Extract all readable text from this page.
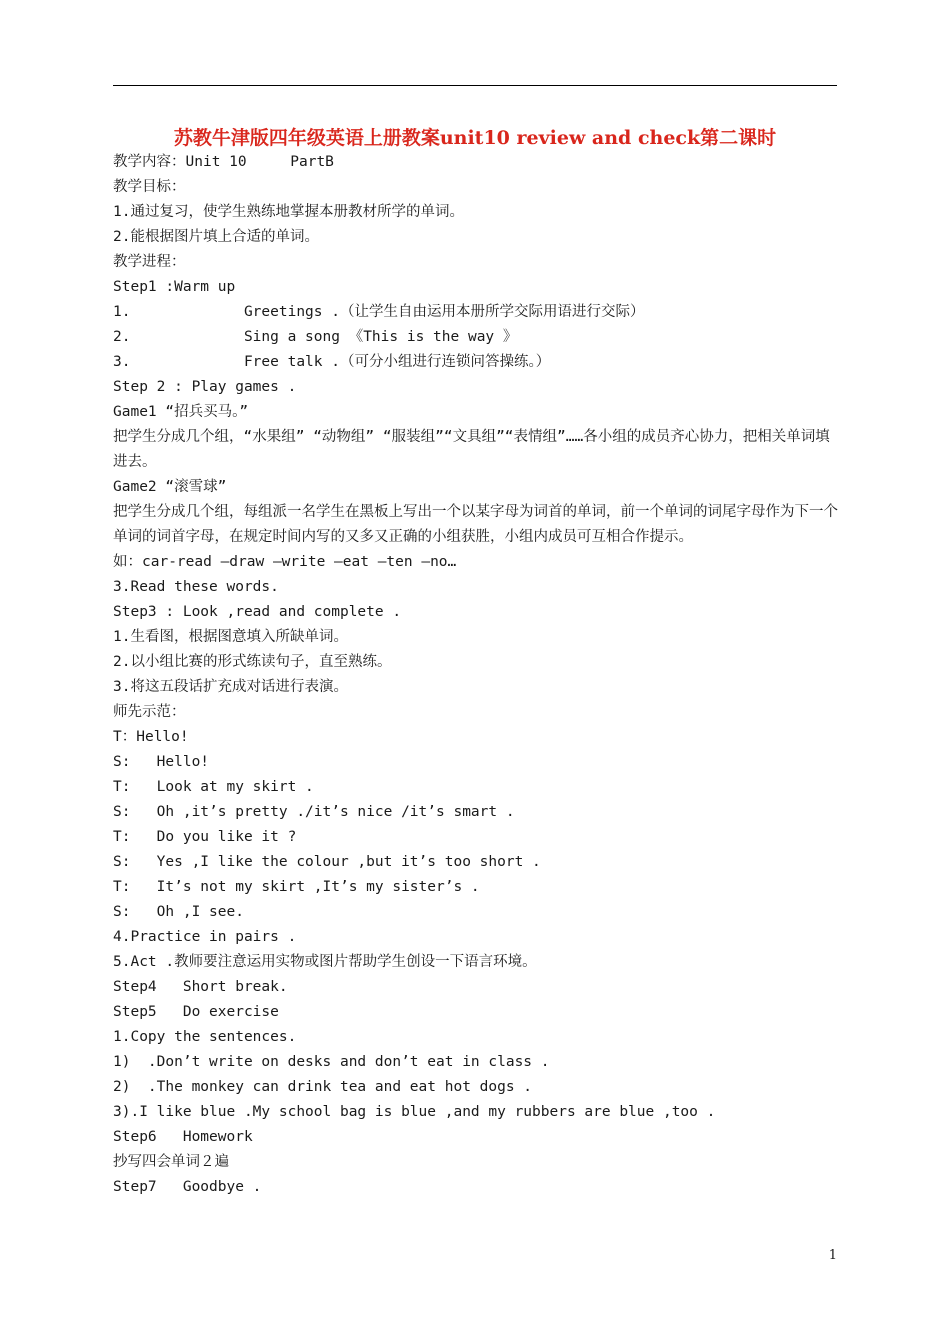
苏教牛津版四年级英语上册教案unit10 review and check第二课时
教学内容：Unit 10     PartB
教学目标：
1.通过复习，使学生熟练地掌握本册教材所学的单词。
2.能根据图片填上合适的单词。
教学进程：
Step1 :Warm up
1.             Greetings .（让学生自由运用本册所学交际用语进行交际）
2.             Sing a song 《This is the way 》
3.             Free talk .（可分小组进行连锁问答操练。）
Step 2 : Play games .
Game1 “招兵买马。”
把学生分成几个组，“水果组” “动物组” “服装组”“文具组”“表情组”……各小组的成员齐心协力，把相关单词填进去。
Game2 “滚雪球”
把学生分成几个组，每组派一名学生在黑板上写出一个以某字母为词首的单词，前一个单词的词尾字母作为下一个单词的词首字母，在规定时间内写的又多又正确的小组获胜，小组内成员可互相合作提示。
如：car-read –draw –write –eat –ten –no…
3.Read these words.
Step3 : Look ,read and complete .
1.生看图，根据图意填入所缺单词。
2.以小组比赛的形式练读句子，直至熟练。
3.将这五段话扩充成对话进行表演。
师先示范：
T：Hello!
S:   Hello!
T:   Look at my skirt .
S:   Oh ,it’s pretty ./it’s nice /it’s smart .
T:   Do you like it ?
S:   Yes ,I like the colour ,but it’s too short .
T:   It’s not my skirt ,It’s my sister’s .
S:   Oh ,I see.
4.Practice in pairs .
5.Act .教师要注意运用实物或图片帮助学生创设一下语言环境。
Step4   Short break.
Step5   Do exercise
1.Copy the sentences.
1)  .Don’t write on desks and don’t eat in class .
2)  .The monkey can drink tea and eat hot dogs .
3).I like blue .My school bag is blue ,and my rubbers are blue ,too .
Step6   Homework
抄写四会单词２遍
Step7   Goodbye .
1
